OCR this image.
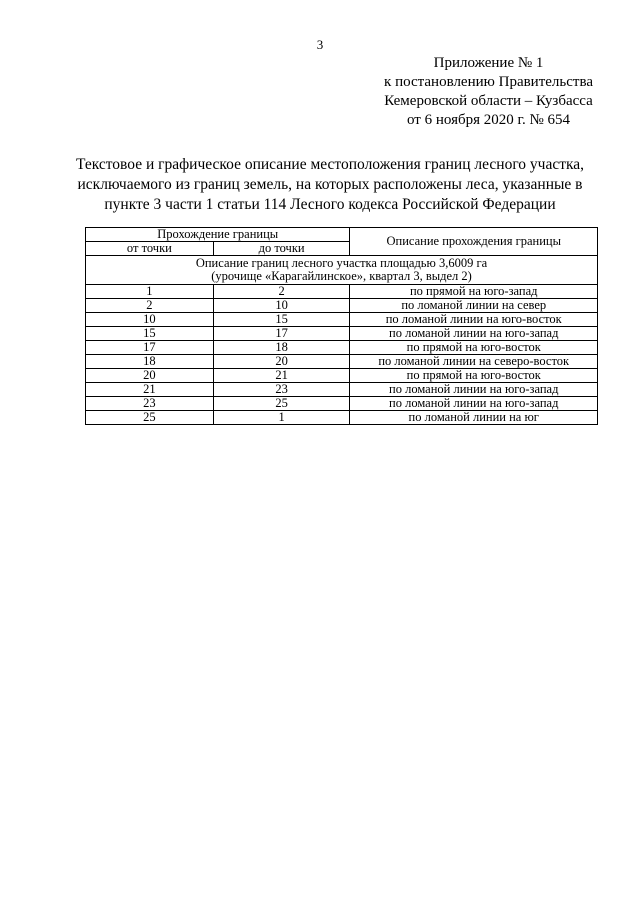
3
Приложение № 1
к постановлению Правительства
Кемеровской области – Кузбасса
от 6 ноября 2020 г. № 654
Текстовое и графическое описание местоположения границ лесного участка,
исключаемого из границ земель, на которых расположены леса, указанные в
пункте 3 части 1 статьи 114 Лесного кодекса Российской Федерации
Прохождение границы		Описание прохождения границы
от точки	до точки	

Описание границ лесного участка площадью 3,6009 га
(урочище «Карагайлинское», квартал 3, выдел 2)		

1	2	по прямой на юго-запад
2	10	по ломаной линии на север
10	15	по ломаной линии на юго-восток
15	17	по ломаной линии на юго-запад
17	18	по прямой на юго-восток
18	20	по ломаной линии на северо-восток
20	21	по прямой на юго-восток
21	23	по ломаной линии на юго-запад
23	25	по ломаной линии на юго-запад
25	1	по ломаной линии на юг
